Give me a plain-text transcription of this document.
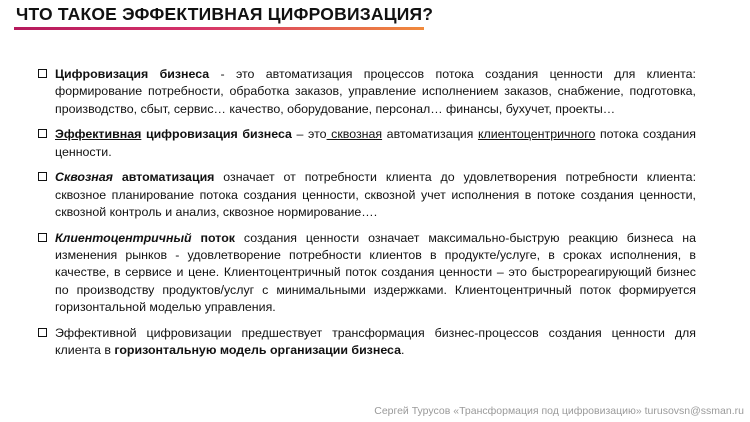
ЧТО ТАКОЕ ЭФФЕКТИВНАЯ ЦИФРОВИЗАЦИЯ?
Цифровизация бизнеса - это автоматизация процессов потока создания ценности для клиента: формирование потребности, обработка заказов, управление исполнением заказов, снабжение, подготовка, производство, сбыт, сервис… качество, оборудование, персонал… финансы, бухучет, проекты…
Эффективная цифровизация бизнеса – это сквозная автоматизация клиентоцентричного потока создания ценности.
Сквозная автоматизация означает от потребности клиента до удовлетворения потребности клиента: сквозное планирование потока создания ценности, сквозной учет исполнения в потоке создания ценности, сквозной контроль и анализ, сквозное нормирование….
Клиентоцентричный поток создания ценности означает максимально-быструю реакцию бизнеса на изменения рынков - удовлетворение потребности клиентов в продукте/услуге, в сроках исполнения, в качестве, в сервисе и цене. Клиентоцентричный поток создания ценности – это быстрореагирующий бизнес по производству продуктов/услуг с минимальными издержками. Клиентоцентричный поток формируется горизонтальной моделью управления.
Эффективной цифровизации предшествует трансформация бизнес-процессов создания ценности для клиента в горизонтальную модель организации бизнеса.
Сергей Турусов «Трансформация под цифровизацию» turusovsn@ssman.ru
